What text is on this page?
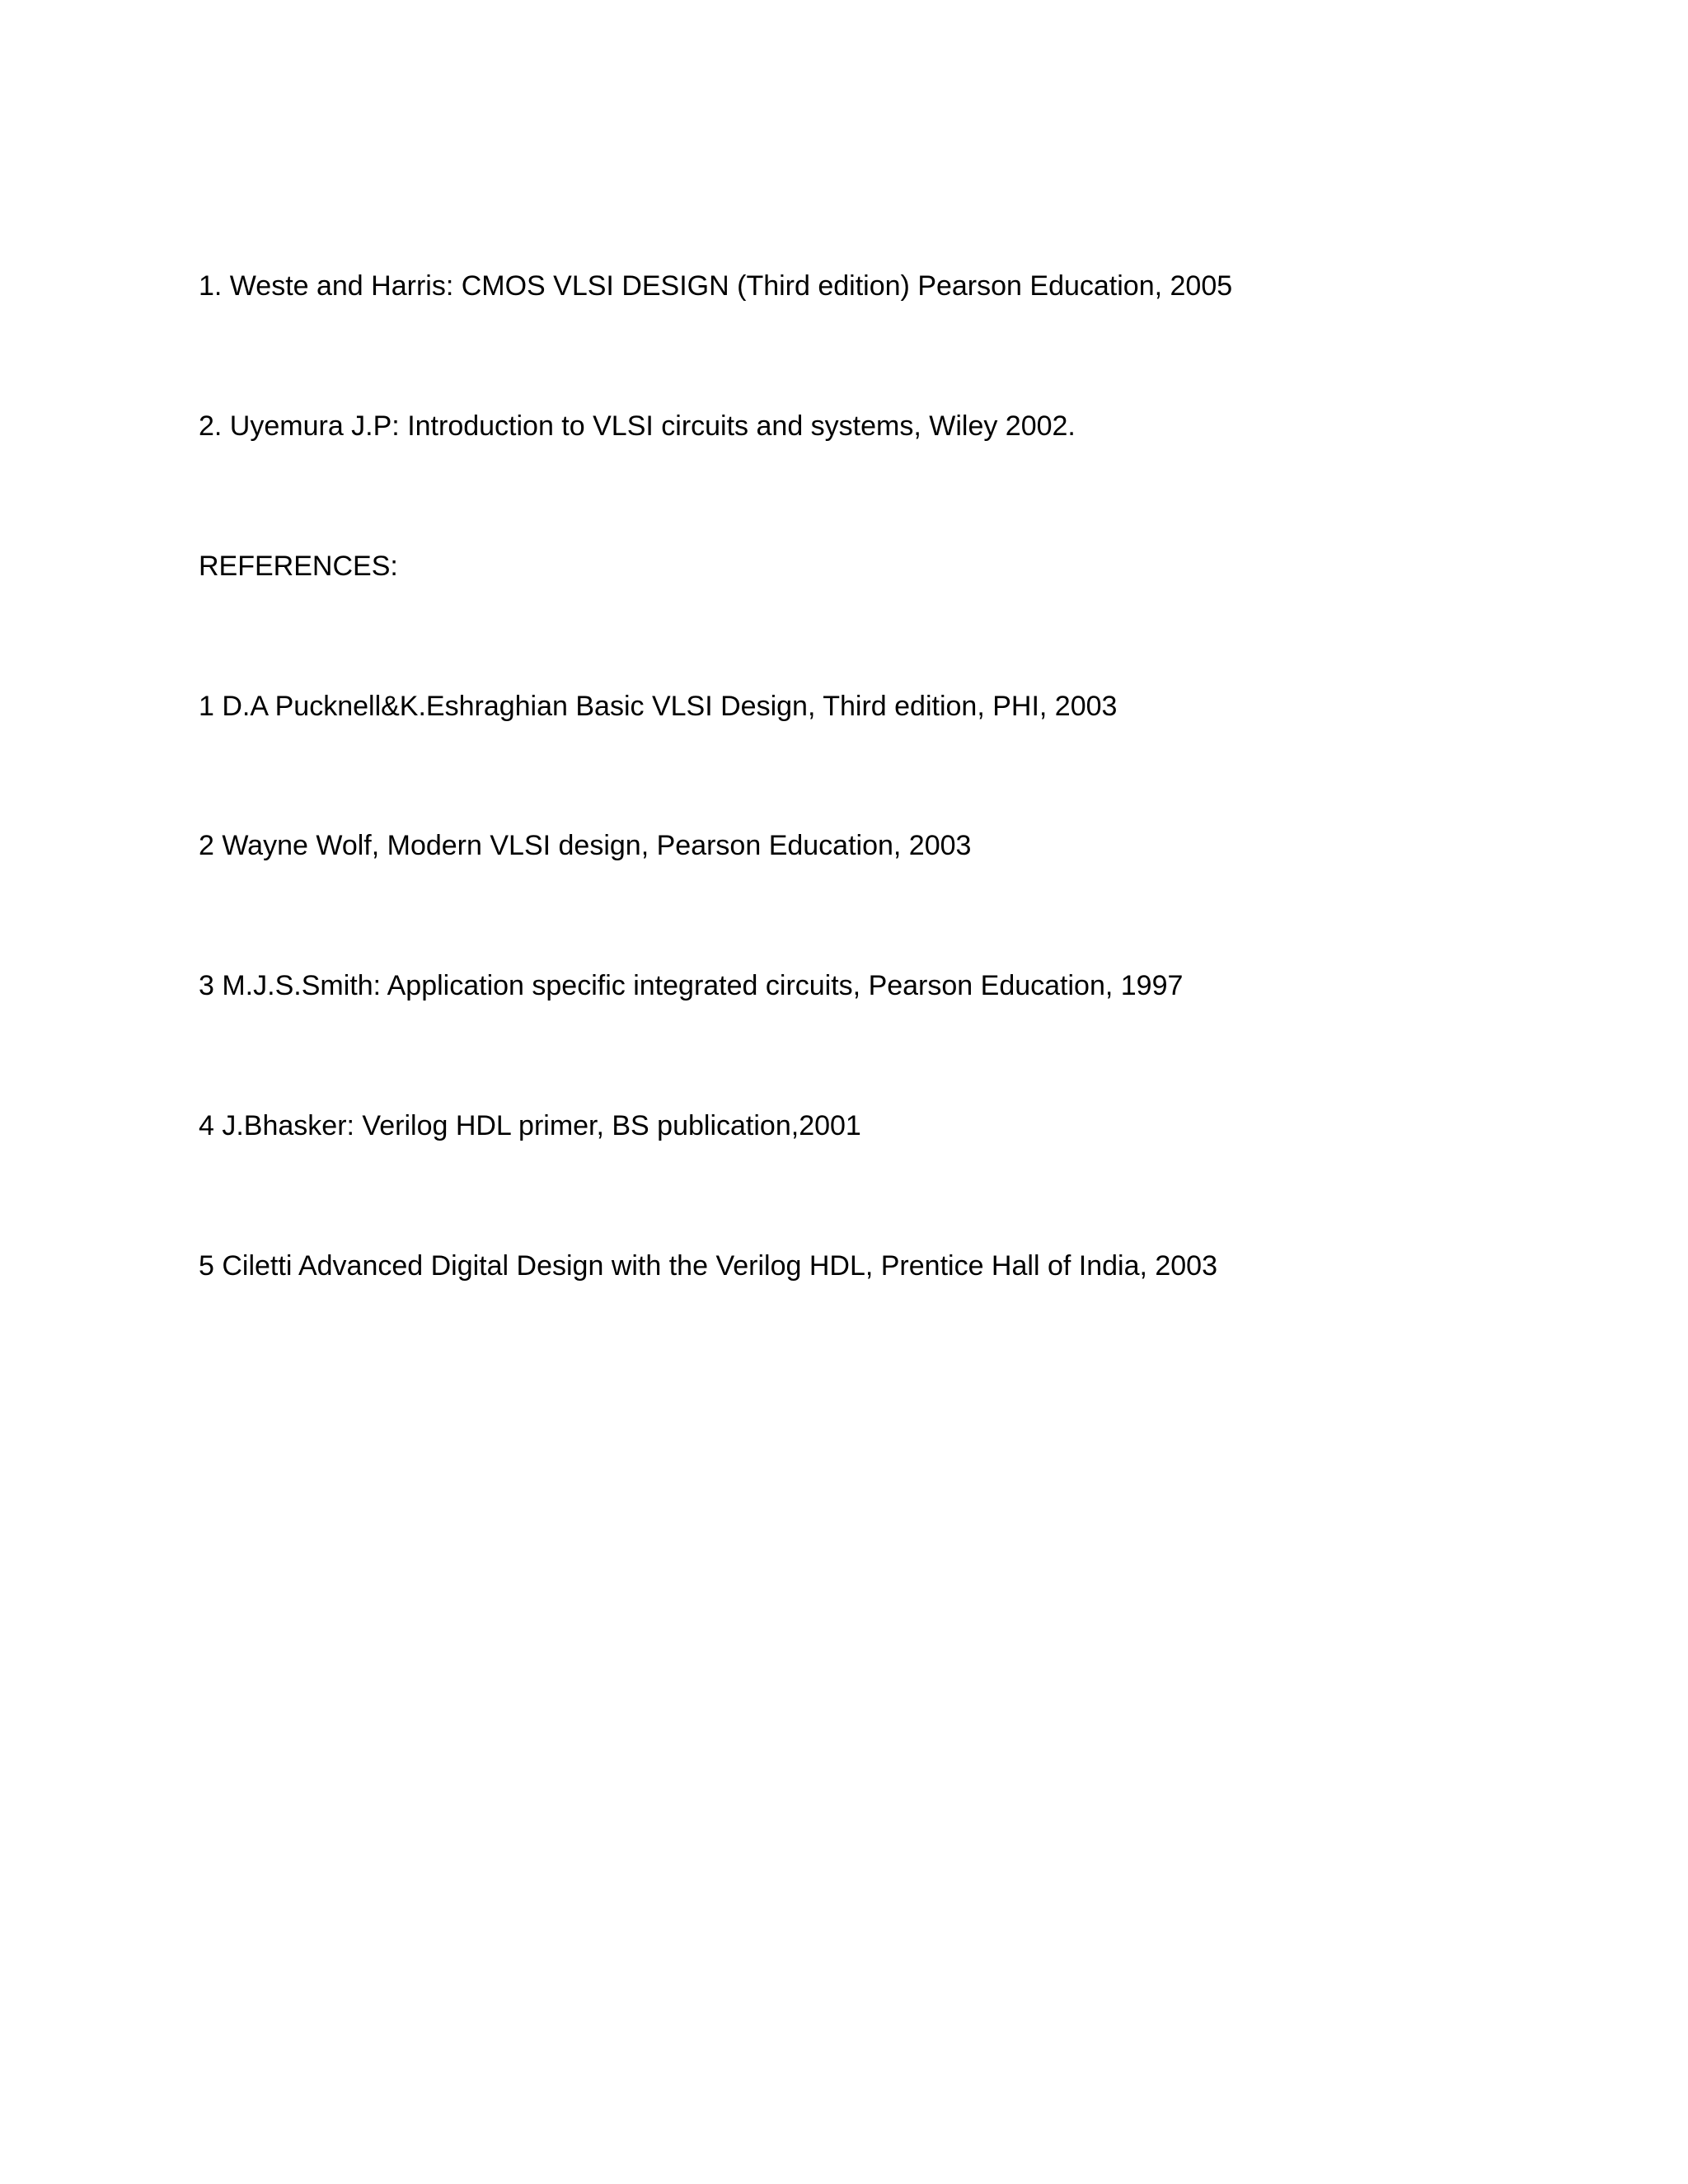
1. Weste and Harris: CMOS VLSI DESIGN (Third edition) Pearson Education, 2005

2. Uyemura J.P: Introduction to VLSI circuits and systems, Wiley 2002.

REFERENCES:

1 D.A Pucknell&K.Eshraghian Basic VLSI Design, Third edition, PHI, 2003

2 Wayne Wolf, Modern VLSI design, Pearson Education, 2003

3 M.J.S.Smith: Application specific integrated circuits, Pearson Education, 1997

4 J.Bhasker: Verilog HDL primer, BS publication,2001

5 Ciletti Advanced Digital Design with the Verilog HDL, Prentice Hall of India, 2003
